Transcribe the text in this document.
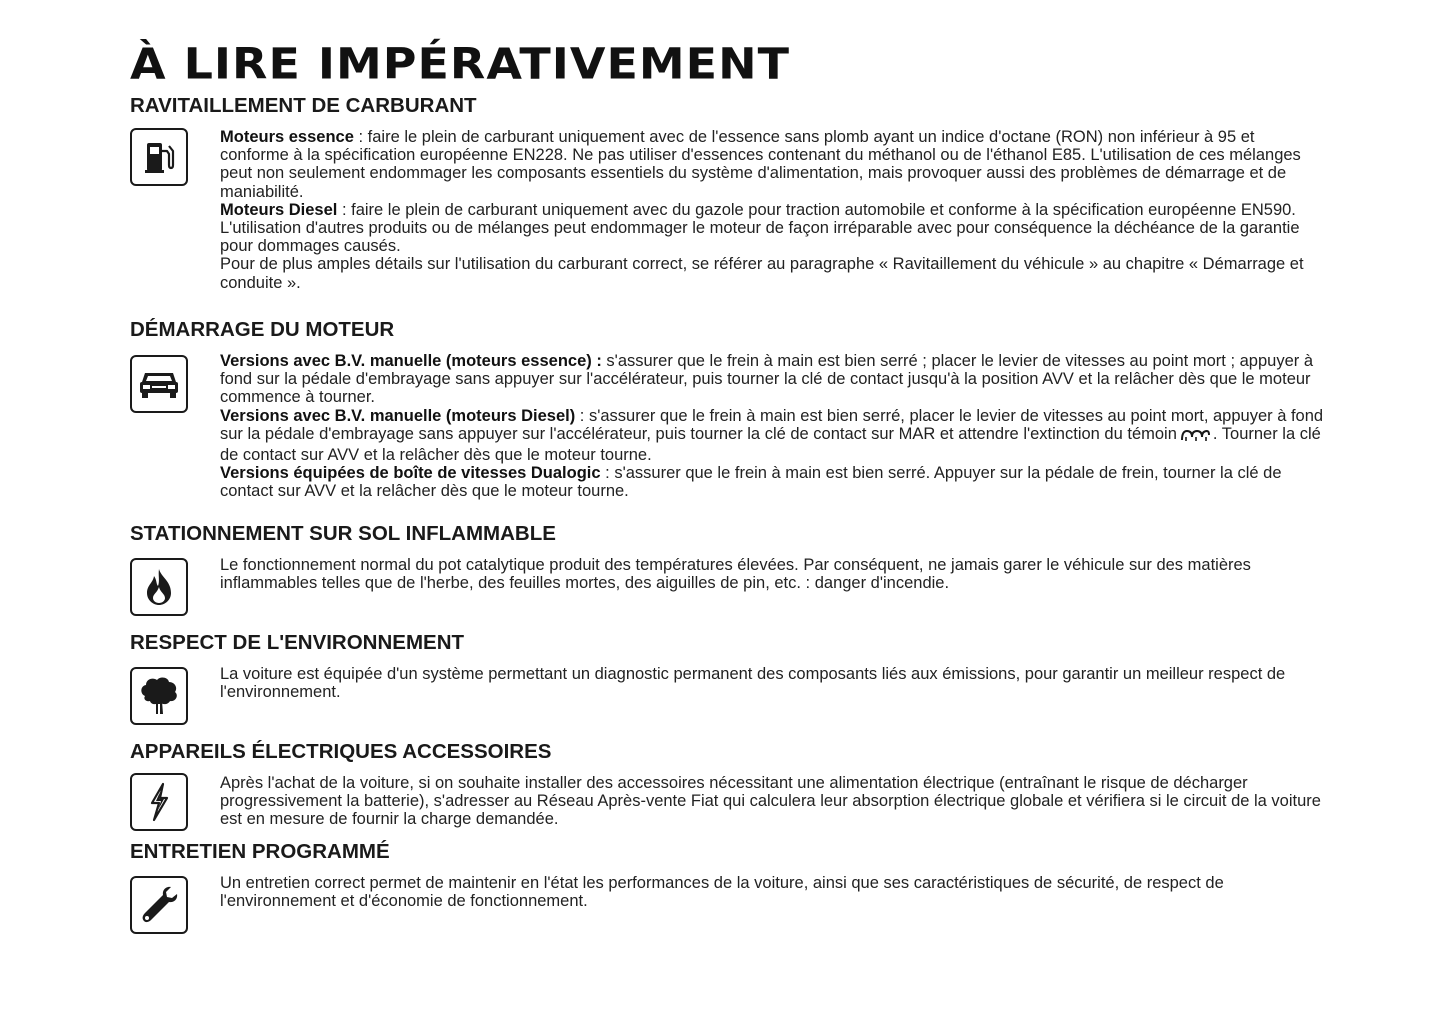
À LIRE IMPÉRATIVEMENT
RAVITAILLEMENT DE CARBURANT

Moteurs essence : faire le plein de carburant uniquement avec de l'essence sans plomb ayant un indice d'octane (RON) non inférieur à 95 et conforme à la spécification européenne EN228. Ne pas utiliser d'essences contenant du méthanol ou de l'éthanol E85. L'utilisation de ces mélanges peut non seulement endommager les composants essentiels du système d'alimentation, mais provoquer aussi des problèmes de démarrage et de maniabilité.

Moteurs Diesel : faire le plein de carburant uniquement avec du gazole pour traction automobile et conforme à la spécification européenne EN590. L'utilisation d'autres produits ou de mélanges peut endommager le moteur de façon irréparable avec pour conséquence la déchéance de la garantie pour dommages causés.

Pour de plus amples détails sur l'utilisation du carburant correct, se référer au paragraphe « Ravitaillement du véhicule » au chapitre « Démarrage et conduite ».

DÉMARRAGE DU MOTEUR

Versions avec B.V. manuelle (moteurs essence) : s'assurer que le frein à main est bien serré ; placer le levier de vitesses au point mort ; appuyer à fond sur la pédale d'embrayage sans appuyer sur l'accélérateur, puis tourner la clé de contact jusqu'à la position AVV et la relâcher dès que le moteur commence à tourner.

Versions avec B.V. manuelle (moteurs Diesel) : s'assurer que le frein à main est bien serré, placer le levier de vitesses au point mort, appuyer à fond sur la pédale d'embrayage sans appuyer sur l'accélérateur, puis tourner la clé de contact sur MAR et attendre l'extinction du témoin . Tourner la clé de contact sur AVV et la relâcher dès que le moteur tourne.

Versions équipées de boîte de vitesses Dualogic : s'assurer que le frein à main est bien serré. Appuyer sur la pédale de frein, tourner la clé de contact sur AVV et la relâcher dès que le moteur tourne.

STATIONNEMENT SUR SOL INFLAMMABLE

Le fonctionnement normal du pot catalytique produit des températures élevées. Par conséquent, ne jamais garer le véhicule sur des matières inflammables telles que de l'herbe, des feuilles mortes, des aiguilles de pin, etc. : danger d'incendie.

RESPECT DE L'ENVIRONNEMENT

La voiture est équipée d'un système permettant un diagnostic permanent des composants liés aux émissions, pour garantir un meilleur respect de l'environnement.

APPAREILS ÉLECTRIQUES ACCESSOIRES

Après l'achat de la voiture, si on souhaite installer des accessoires nécessitant une alimentation électrique (entraînant le risque de décharger progressivement la batterie), s'adresser au Réseau Après-vente Fiat qui calculera leur absorption électrique globale et vérifiera si le circuit de la voiture est en mesure de fournir la charge demandée.

ENTRETIEN PROGRAMMÉ

Un entretien correct permet de maintenir en l'état les performances de la voiture, ainsi que ses caractéristiques de sécurité, de respect de l'environnement et d'économie de fonctionnement.
